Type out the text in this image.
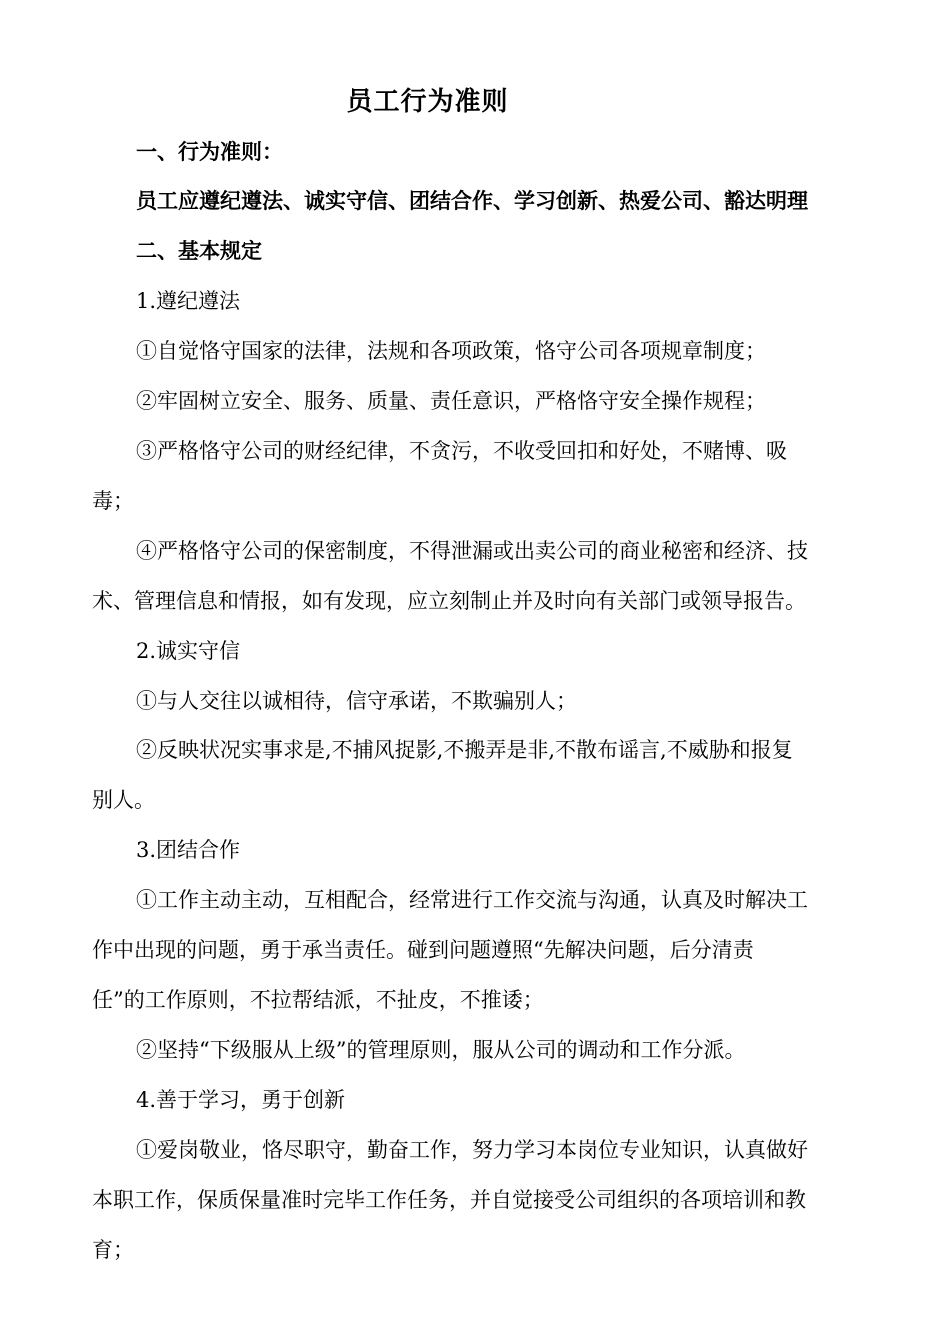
员工行为准则
一、行为准则：
员工应遵纪遵法、诚实守信、团结合作、学习创新、热爱公司、豁达明理
二、基本规定
1.遵纪遵法
①自觉恪守国家的法律，法规和各项政策，恪守公司各项规章制度；
②牢固树立安全、服务、质量、责任意识，严格恪守安全操作规程；
③严格恪守公司的财经纪律，不贪污，不收受回扣和好处，不赌博、吸
毒；
④严格恪守公司的保密制度，不得泄漏或出卖公司的商业秘密和经济、技
术、管理信息和情报，如有发现，应立刻制止并及时向有关部门或领导报告。
2.诚实守信
①与人交往以诚相待，信守承诺，不欺骗别人；
②反映状况实事求是,不捕风捉影,不搬弄是非,不散布谣言,不威胁和报复
别人。
3.团结合作
①工作主动主动，互相配合，经常进行工作交流与沟通，认真及时解决工
作中出现的问题，勇于承当责任。碰到问题遵照“先解决问题，后分清责
任”的工作原则，不拉帮结派，不扯皮，不推诿；
②坚持“下级服从上级”的管理原则，服从公司的调动和工作分派。
4.善于学习，勇于创新
①爱岗敬业，恪尽职守，勤奋工作，努力学习本岗位专业知识，认真做好
本职工作，保质保量准时完毕工作任务，并自觉接受公司组织的各项培训和教
育；
